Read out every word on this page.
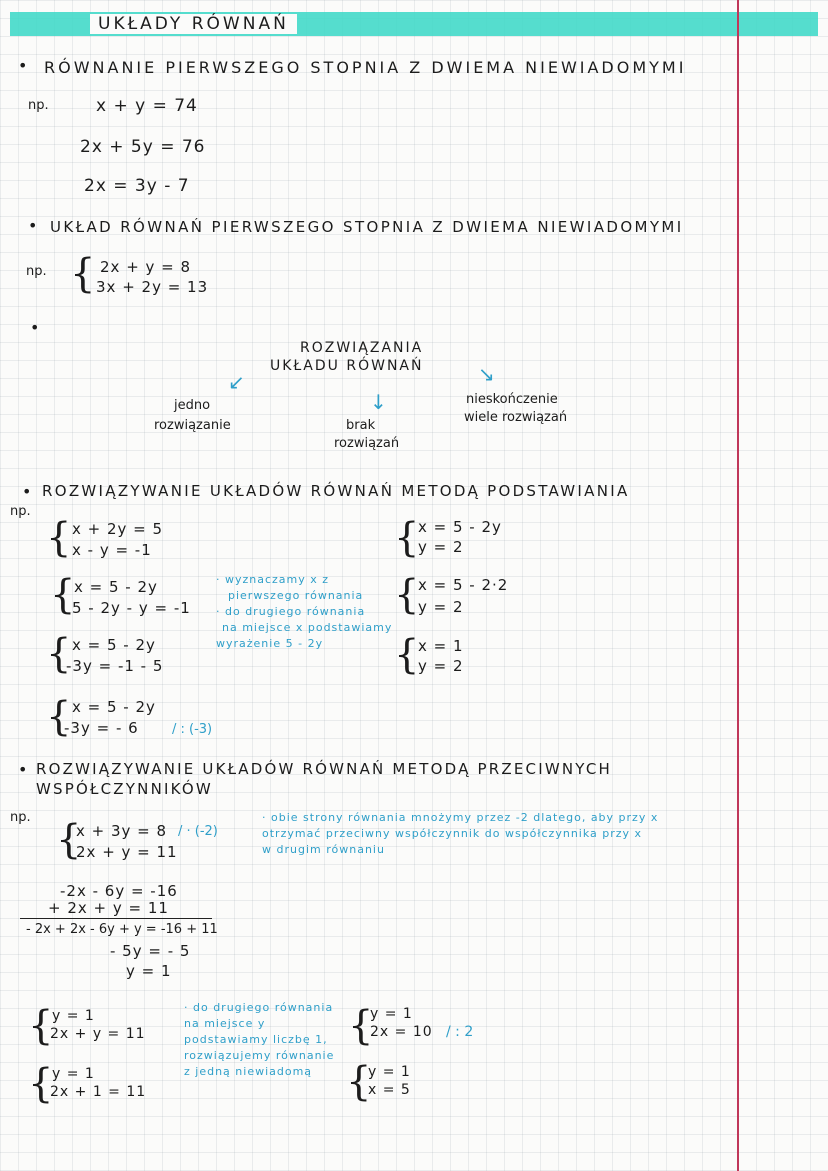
UKŁADY RÓWNAŃ
• RÓWNANIE PIERWSZEGO STOPNIA Z DWIEMA NIEWIADOMYMI
np.	x + y = 74
2x + 5y = 76
2x = 3y - 7
• UKŁAD RÓWNAŃ PIERWSZEGO STOPNIA Z DWIEMA NIEWIADOMYMI
np. { 2x + y = 8
3x + 2y = 13
•
ROZWIĄZANIA
UKŁADU RÓWNAŃ
↙
↓
↘
jedno
rozwiązanie	brak
rozwiązań
nieskończenie
wiele rozwiązań
• ROZWIĄZYWANIE UKŁADÓW RÓWNAŃ METODĄ PODSTAWIANIA
np.
{ x + 2y = 5
x - y = -1
{
x = 5 - 2y
5 - 2y - y = -1
{ x = 5 - 2y
-3y = -1 - 5
{ x = 5 - 2y
-3y = - 6	/ : (-3)
· wyznaczamy x z
pierwszego równania
· do drugiego równania
na miejsce x podstawiamy
wyrażenie 5 - 2y
{
x = 5 - 2y
y = 2
{
x = 5 - 2·2
y = 2
{
x = 1
y = 2
• ROZWIĄZYWANIE UKŁADÓW RÓWNAŃ METODĄ PRZECIWNYCH
WSPÓŁCZYNNIKÓW
np. {
x + 3y = 8 / · (-2)
2x + y = 11
· obie strony równania mnożymy przez -2 dlatego, aby przy x
otrzymać przeciwny współczynnik do współczynnika przy x
w drugim równaniu
-2x - 6y = -16
+ 2x + y = 11
- 2x + 2x - 6y + y = -16 + 11
- 5y = - 5
y = 1
{
y = 1
2x + y = 11
{
y = 1
2x + 1 = 11
· do drugiego równania
na miejsce y
podstawiamy liczbę 1,
rozwiązujemy równanie
z jedną niewiadomą
{
y = 1
2x = 10 / : 2
{
y = 1
x = 5
